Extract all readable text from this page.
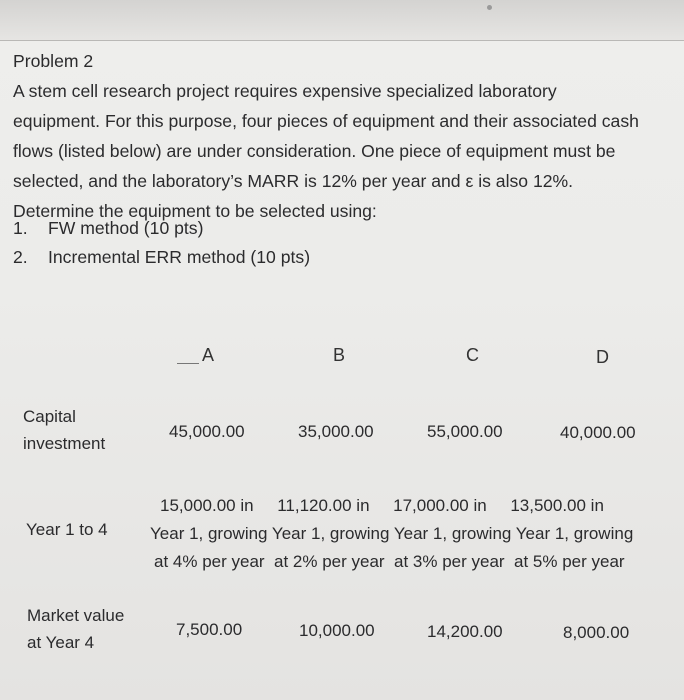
Problem 2
A stem cell research project requires expensive specialized laboratory
equipment. For this purpose, four pieces of equipment and their associated cash
flows (listed below) are under consideration. One piece of equipment must be
selected, and the laboratory’s MARR is 12% per year and ε is also 12%.
Determine the equipment to be selected using:
1. FW method (10 pts)
2. Incremental ERR method (10 pts)
A	B	C	D
Capital investment
45,000.00	35,000.00	55,000.00	40,000.00
Year 1 to 4
15,000.00 in     11,120.00 in     17,000.00 in     13,500.00 in
Year 1, growing Year 1, growing Year 1, growing Year 1, growing
at 4% per year  at 2% per year  at 3% per year  at 5% per year
Market value at Year 4
7,500.00	10,000.00	14,200.00	8,000.00
